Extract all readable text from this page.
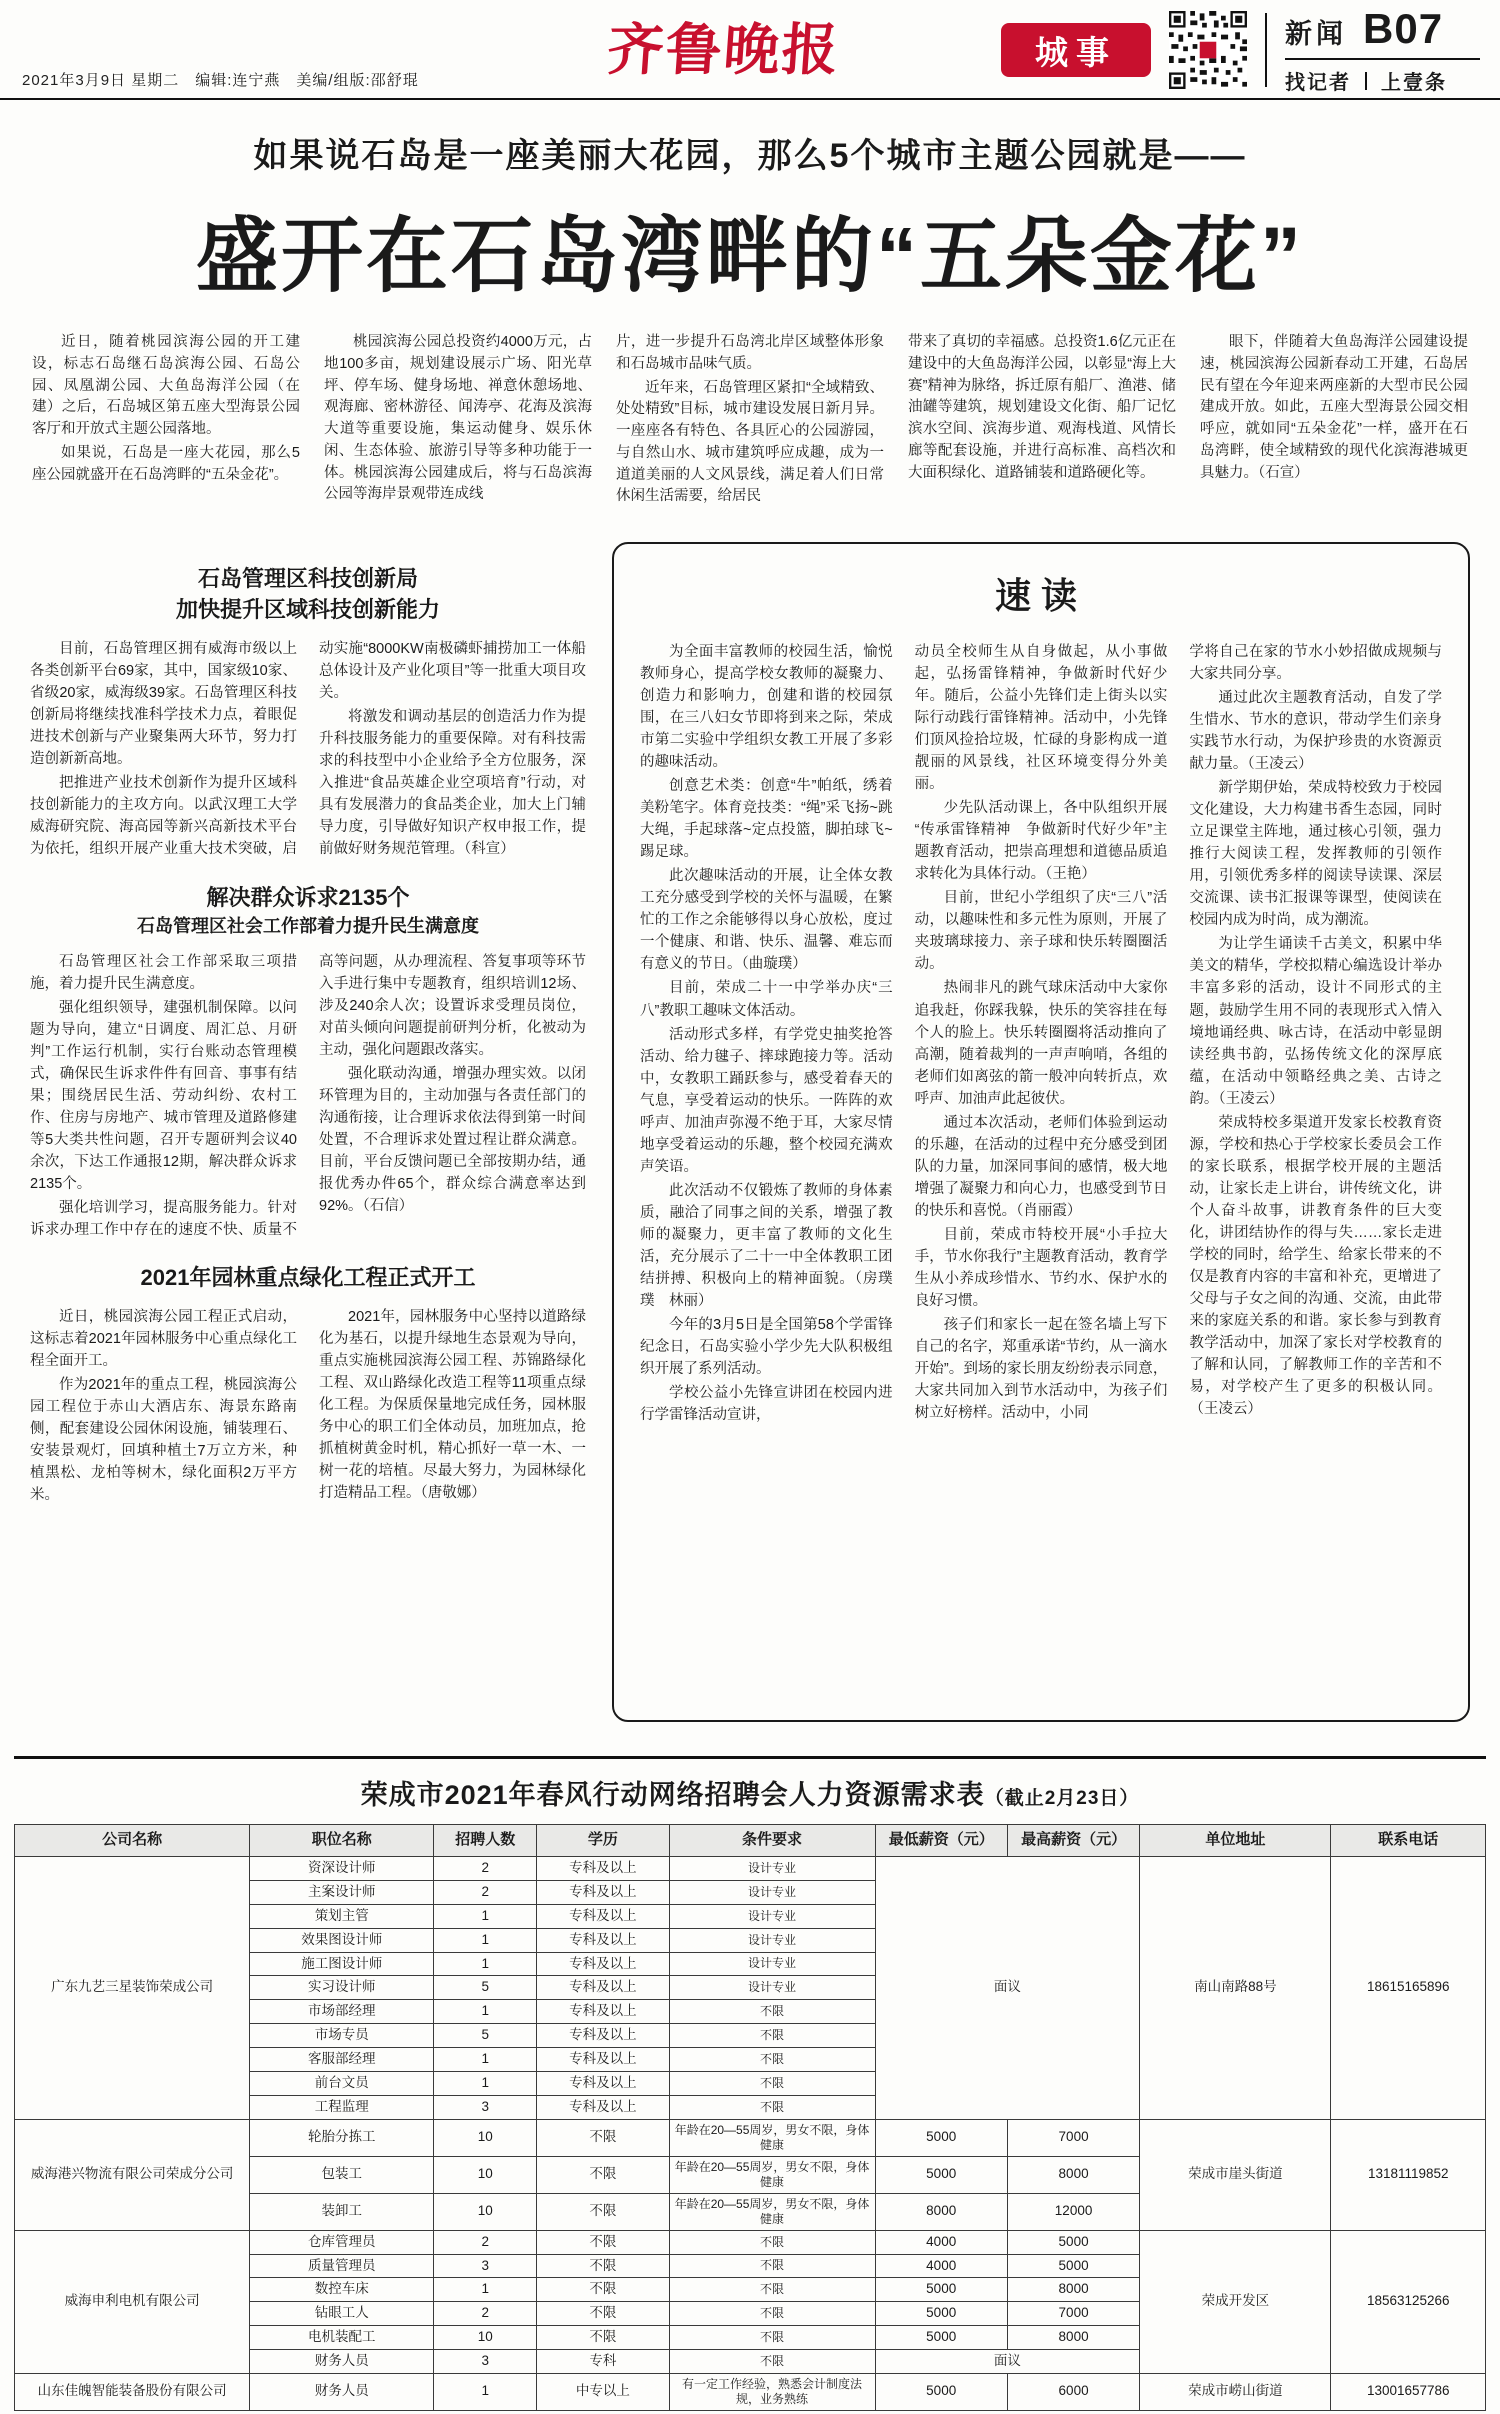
齐鲁晚报
2021年3月9日 星期二　编辑:连宁燕　美编/组版:邵舒琨
城事	新闻 B07
找记者 上壹条
如果说石岛是一座美丽大花园，那么5个城市主题公园就是——
盛开在石岛湾畔的“五朵金花”

近日，随着桃园滨海公园的开工建设，标志石岛继石岛滨海公园、石岛公园、凤凰湖公园、大鱼岛海洋公园（在建）之后，石岛城区第五座大型海景公园客厅和开放式主题公园落地。

如果说，石岛是一座大花园，那么5座公园就盛开在石岛湾畔的“五朵金花”。

桃园滨海公园总投资约4000万元，占地100多亩，规划建设展示广场、阳光草坪、停车场、健身场地、禅意休憩场地、观海廊、密林游径、闻涛亭、花海及滨海大道等重要设施，集运动健身、娱乐休闲、生态体验、旅游引导等多种功能于一体。桃园滨海公园建成后，将与石岛滨海公园等海岸景观带连成线

片，进一步提升石岛湾北岸区域整体形象和石岛城市品味气质。

近年来，石岛管理区紧扣“全域精致、处处精致”目标，城市建设发展日新月异。一座座各有特色、各具匠心的公园游园，与自然山水、城市建筑呼应成趣，成为一道道美丽的人文风景线，满足着人们日常休闲生活需要，给居民

带来了真切的幸福感。总投资1.6亿元正在建设中的大鱼岛海洋公园，以彰显“海上大赛”精神为脉络，拆迁原有船厂、渔港、储油罐等建筑，规划建设文化街、船厂记忆滨水空间、滨海步道、观海栈道、风情长廊等配套设施，并进行高标准、高档次和大面积绿化、道路铺装和道路硬化等。

眼下，伴随着大鱼岛海洋公园建设提速，桃园滨海公园新春动工开建，石岛居民有望在今年迎来两座新的大型市民公园建成开放。如此，五座大型海景公园交相呼应，就如同“五朵金花”一样，盛开在石岛湾畔，使全域精致的现代化滨海港城更具魅力。（石宣）

石岛管理区科技创新局
加快提升区域科技创新能力

目前，石岛管理区拥有威海市级以上各类创新平台69家，其中，国家级10家、省级20家，威海级39家。石岛管理区科技创新局将继续找准科学技术力点，着眼促进技术创新与产业聚集两大环节，努力打造创新新高地。

把推进产业技术创新作为提升区域科技创新能力的主攻方向。以武汉理工大学威海研究院、海高园等新兴高新技术平台为依托，组织开展产业重大技术突破，启动实施“8000KW南极磷虾捕捞加工一体船总体设计及产业化项目”等一批重大项目攻关。

将激发和调动基层的创造活力作为提升科技服务能力的重要保障。对有科技需求的科技型中小企业给予全方位服务，深入推进“食品英雄企业空项培育”行动，对具有发展潜力的食品类企业，加大上门辅导力度，引导做好知识产权申报工作，提前做好财务规范管理。（科宣）

解决群众诉求2135个
石岛管理区社会工作部着力提升民生满意度

石岛管理区社会工作部采取三项措施，着力提升民生满意度。

强化组织领导，建强机制保障。以问题为导向，建立“日调度、周汇总、月研判”工作运行机制，实行台账动态管理模式，确保民生诉求件件有回音、事事有结果；围绕居民生活、劳动纠纷、农村工作、住房与房地产、城市管理及道路修建等5大类共性问题，召开专题研判会议40余次，下达工作通报12期，解决群众诉求2135个。

强化培训学习，提高服务能力。针对诉求办理工作中存在的速度不快、质量不高等问题，从办理流程、答复事项等环节入手进行集中专题教育，组织培训12场、涉及240余人次；设置诉求受理员岗位，对苗头倾向问题提前研判分析，化被动为主动，强化问题跟改落实。

强化联动沟通，增强办理实效。以闭环管理为目的，主动加强与各责任部门的沟通衔接，让合理诉求依法得到第一时间处置，不合理诉求处置过程让群众满意。目前，平台反馈问题已全部按期办结，通报优秀办件65个，群众综合满意率达到92%。（石信）

2021年园林重点绿化工程正式开工

近日，桃园滨海公园工程正式启动，这标志着2021年园林服务中心重点绿化工程全面开工。

作为2021年的重点工程，桃园滨海公园工程位于赤山大酒店东、海景东路南侧，配套建设公园休闲设施，铺装理石、安装景观灯，回填种植土7万立方米，种植黑松、龙柏等树木，绿化面积2万平方米。

2021年，园林服务中心坚持以道路绿化为基石，以提升绿地生态景观为导向，重点实施桃园滨海公园工程、苏锦路绿化工程、双山路绿化改造工程等11项重点绿化工程。为保质保量地完成任务，园林服务中心的职工们全体动员，加班加点，抢抓植树黄金时机，精心抓好一草一木、一树一花的培植。尽最大努力，为园林绿化打造精品工程。（唐敬娜）

速读

为全面丰富教师的校园生活，愉悦教师身心，提高学校女教师的凝聚力、创造力和影响力，创建和谐的校园氛围，在三八妇女节即将到来之际，荣成市第二实验中学组织女教工开展了多彩的趣味活动。

创意艺术类：创意“牛”帕纸，绣着美粉笔字。体育竞技类：“绳”采飞扬~跳大绳，手起球落~定点投篮，脚拍球飞~踢足球。

此次趣味活动的开展，让全体女教工充分感受到学校的关怀与温暖，在繁忙的工作之余能够得以身心放松，度过一个健康、和谐、快乐、温馨、难忘而有意义的节日。（曲璇璞）

目前，荣成二十一中学举办庆“三八”教职工趣味文体活动。

活动形式多样，有学党史抽奖抢答活动、给力毽子、摔球跑接力等。活动中，女教职工踊跃参与，感受着春天的气息，享受着运动的快乐。一阵阵的欢呼声、加油声弥漫不绝于耳，大家尽情地享受着运动的乐趣，整个校园充满欢声笑语。

此次活动不仅锻炼了教师的身体素质，融洽了同事之间的关系，增强了教师的凝聚力，更丰富了教师的文化生活，充分展示了二十一中全体教职工团结拼搏、积极向上的精神面貌。（房璞璞　林丽）

今年的3月5日是全国第58个学雷锋纪念日，石岛实验小学少先大队积极组织开展了系列活动。

学校公益小先锋宣讲团在校园内进行学雷锋活动宣讲，

动员全校师生从自身做起，从小事做起，弘扬雷锋精神，争做新时代好少年。随后，公益小先锋们走上街头以实际行动践行雷锋精神。活动中，小先锋们顶风捡拾垃圾，忙碌的身影构成一道靓丽的风景线，社区环境变得分外美丽。

少先队活动课上，各中队组织开展“传承雷锋精神　争做新时代好少年”主题教育活动，把崇高理想和道德品质追求转化为具体行动。（王艳）

目前，世纪小学组织了庆“三八”活动，以趣味性和多元性为原则，开展了夹玻璃球接力、亲子球和快乐转圈圈活动。

热闹非凡的跳气球床活动中大家你追我赶，你踩我躲，快乐的笑容挂在每个人的脸上。快乐转圈圈将活动推向了高潮，随着裁判的一声声响哨，各组的老师们如离弦的箭一般冲向转折点，欢呼声、加油声此起彼伏。

通过本次活动，老师们体验到运动的乐趣，在活动的过程中充分感受到团队的力量，加深同事间的感情，极大地增强了凝聚力和向心力，也感受到节日的快乐和喜悦。（肖丽霞）

目前，荣成市特校开展“小手拉大手，节水你我行”主题教育活动，教育学生从小养成珍惜水、节约水、保护水的良好习惯。

孩子们和家长一起在签名墙上写下自己的名字，郑重承诺“节约，从一滴水开始”。到场的家长朋友纷纷表示同意，大家共同加入到节水活动中，为孩子们树立好榜样。活动中，小同

学将自己在家的节水小妙招做成规频与大家共同分享。

通过此次主题教育活动，自发了学生惜水、节水的意识，带动学生们亲身实践节水行动，为保护珍贵的水资源贡献力量。（王凌云）

新学期伊始，荣成特校致力于校园文化建设，大力构建书香生态园，同时立足课堂主阵地，通过核心引领，强力推行大阅读工程，发挥教师的引领作用，引领优秀多样的阅读导读课、深层交流课、读书汇报课等课型，使阅读在校园内成为时尚，成为潮流。

为让学生诵读千古美文，积累中华美文的精华，学校拟精心编选设计举办丰富多彩的活动，设计不同形式的主题，鼓励学生用不同的表现形式入情入境地诵经典、咏古诗，在活动中彰显朗读经典书韵，弘扬传统文化的深厚底蕴，在活动中领略经典之美、古诗之韵。（王凌云）

荣成特校多渠道开发家长校教育资源，学校和热心于学校家长委员会工作的家长联系，根据学校开展的主题活动，让家长走上讲台，讲传统文化，讲个人奋斗故事，讲教育条件的巨大变化，讲团结协作的得与失……家长走进学校的同时，给学生、给家长带来的不仅是教育内容的丰富和补充，更增进了父母与子女之间的沟通、交流，由此带来的家庭关系的和谐。家长参与到教育教学活动中，加深了家长对学校教育的了解和认同，了解教师工作的辛苦和不易，对学校产生了更多的积极认同。（王凌云）

荣成市2021年春风行动网络招聘会人力资源需求表（截止2月23日）
公司名称	职位名称	招聘人数	学历	条件要求	最低薪资（元）	最高薪资（元）	单位地址	联系电话
广东九艺三星装饰荣成公司	资深设计师	2	专科及以上	设计专业	面议		南山南路88号	18615165896
	主案设计师	2	专科及以上	设计专业				
	策划主管	1	专科及以上	设计专业				
	效果图设计师	1	专科及以上	设计专业				
	施工图设计师	1	专科及以上	设计专业				
	实习设计师	5	专科及以上	设计专业				
	市场部经理	1	专科及以上	不限				
	市场专员	5	专科及以上	不限				
	客服部经理	1	专科及以上	不限				
	前台文员	1	专科及以上	不限				
	工程监理	3	专科及以上	不限				
威海港兴物流有限公司荣成分公司	轮胎分拣工	10	不限	年龄在20—55周岁，男女不限，身体健康	5000	7000	荣成市崖头街道	13181119852
	包装工	10	不限	年龄在20—55周岁，男女不限，身体健康	5000	8000		
	装卸工	10	不限	年龄在20—55周岁，男女不限，身体健康	8000	12000		
威海申利电机有限公司	仓库管理员	2	不限	不限	4000	5000	荣成开发区	18563125266
	质量管理员	3	不限	不限	4000	5000		
	数控车床	1	不限	不限	5000	8000		
	钻眼工人	2	不限	不限	5000	7000		
	电机装配工	10	不限	不限	5000	8000		
	财务人员	3	专科	不限	面议			
山东佳魄智能装备股份有限公司	财务人员	1	中专以上	有一定工作经验，熟悉会计制度法规，业务熟练	5000	6000	荣成市崂山街道	13001657786
